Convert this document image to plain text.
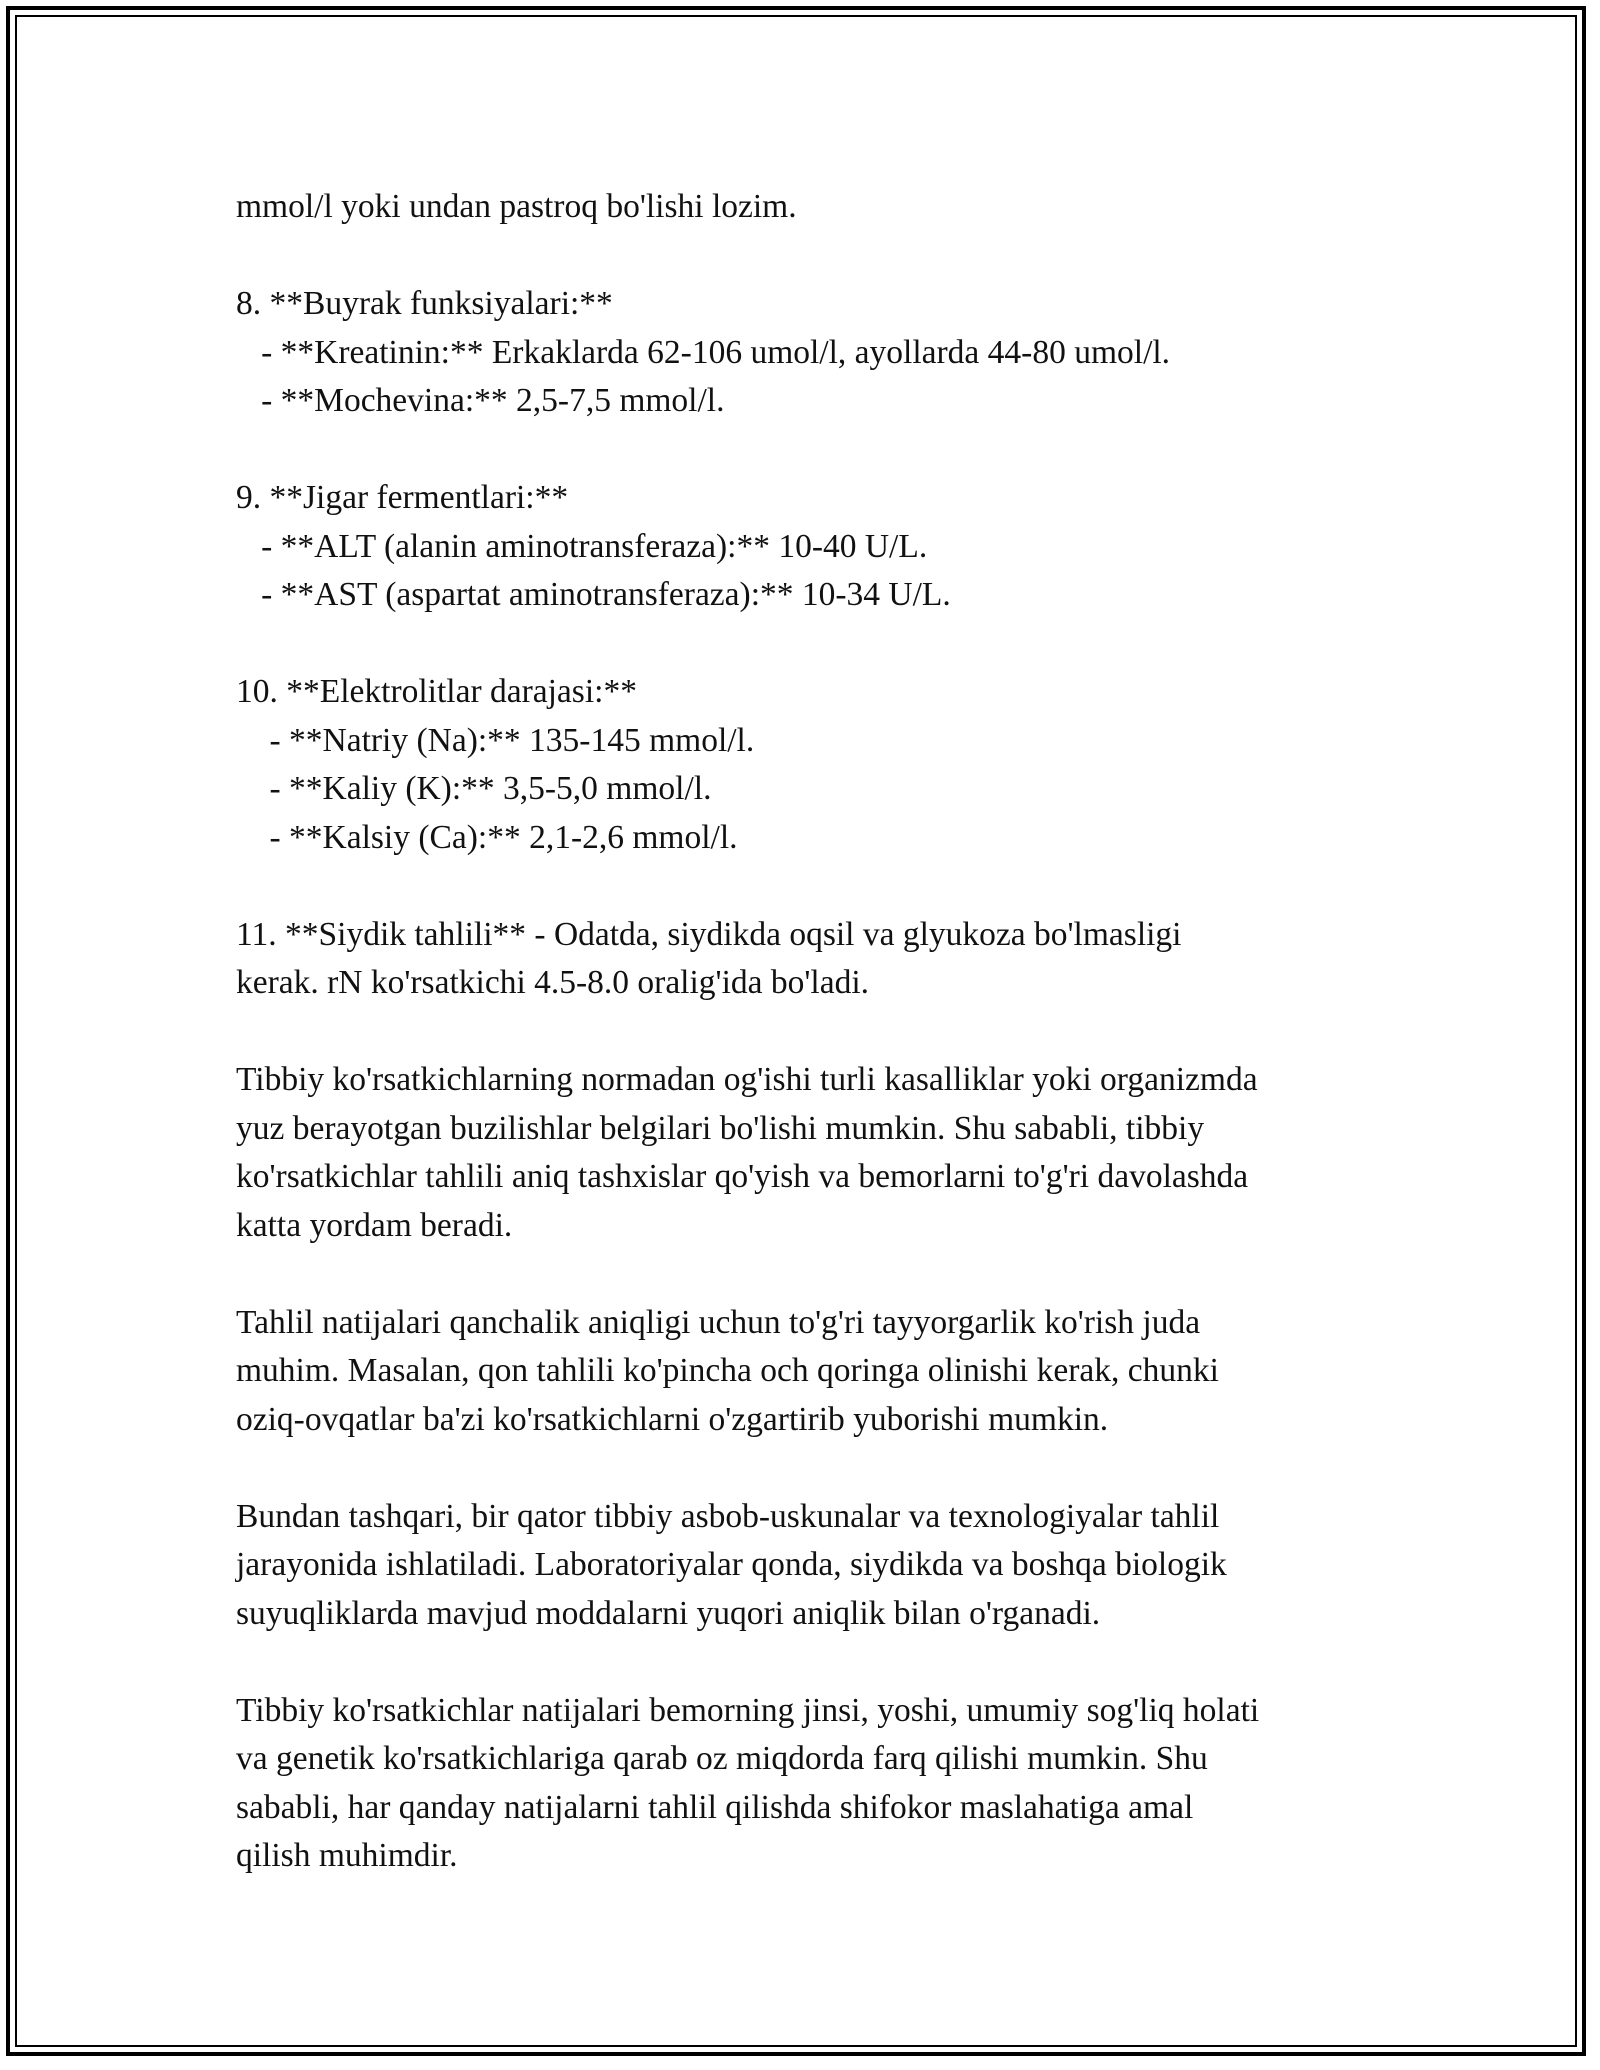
mmol/l yoki undan pastroq bo'lishi lozim.
8. **Buyrak funksiyalari:**
- **Kreatinin:** Erkaklarda 62-106 umol/l, ayollarda 44-80 umol/l.
- **Mochevina:** 2,5-7,5 mmol/l.
9. **Jigar fermentlari:**
- **ALT (alanin aminotransferaza):** 10-40 U/L.
- **AST (aspartat aminotransferaza):** 10-34 U/L.
10. **Elektrolitlar darajasi:**
- **Natriy (Na):** 135-145 mmol/l.
- **Kaliy (K):** 3,5-5,0 mmol/l.
- **Kalsiy (Ca):** 2,1-2,6 mmol/l.
11. **Siydik tahlili** - Odatda, siydikda oqsil va glyukoza bo'lmasligi
kerak. rN ko'rsatkichi 4.5-8.0 oralig'ida bo'ladi.
Tibbiy ko'rsatkichlarning normadan og'ishi turli kasalliklar yoki organizmda
yuz berayotgan buzilishlar belgilari bo'lishi mumkin. Shu sababli, tibbiy
ko'rsatkichlar tahlili aniq tashxislar qo'yish va bemorlarni to'g'ri davolashda
katta yordam beradi.
Tahlil natijalari qanchalik aniqligi uchun to'g'ri tayyorgarlik ko'rish juda
muhim. Masalan, qon tahlili ko'pincha och qoringa olinishi kerak, chunki
oziq-ovqatlar ba'zi ko'rsatkichlarni o'zgartirib yuborishi mumkin.
Bundan tashqari, bir qator tibbiy asbob-uskunalar va texnologiyalar tahlil
jarayonida ishlatiladi. Laboratoriyalar qonda, siydikda va boshqa biologik
suyuqliklarda mavjud moddalarni yuqori aniqlik bilan o'rganadi.
Tibbiy ko'rsatkichlar natijalari bemorning jinsi, yoshi, umumiy sog'liq holati
va genetik ko'rsatkichlariga qarab oz miqdorda farq qilishi mumkin. Shu
sababli, har qanday natijalarni tahlil qilishda shifokor maslahatiga amal
qilish muhimdir.
